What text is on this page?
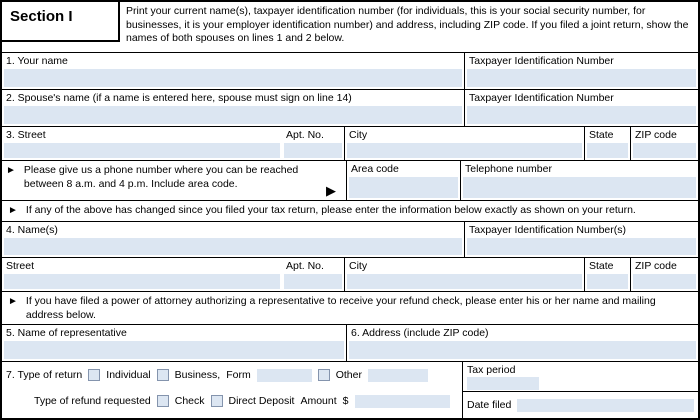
Section I	Print your current name(s), taxpayer identification number (for individuals, this is your social security number, for businesses, it is your employer identification number) and address, including ZIP code. If you filed a joint return, show the names of both spouses on lines 1 and 2 below.
1. Your name	Taxpayer Identification Number
2. Spouse's name (if a name is entered here, spouse must sign on line 14)	Taxpayer Identification Number
3. Street	Apt. No.	City	State	ZIP code
► Please give us a phone number where you can be reached between 8 a.m. and 4 p.m. Include area code.	▶
Area code	Telephone number
► If any of the above has changed since you filed your tax return, please enter the information below exactly as shown on your return.
4. Name(s)	Taxpayer Identification Number(s)
Street	Apt. No.	City	State	ZIP code
► If you have filed a power of attorney authorizing a representative to receive your refund check, please enter his or her name and mailing address below.
5. Name of representative	6. Address (include ZIP code)
7. Type of return Individual Business, Form	Other
Type of refund requested Check Direct Deposit Amount $
Tax period
Date filed
